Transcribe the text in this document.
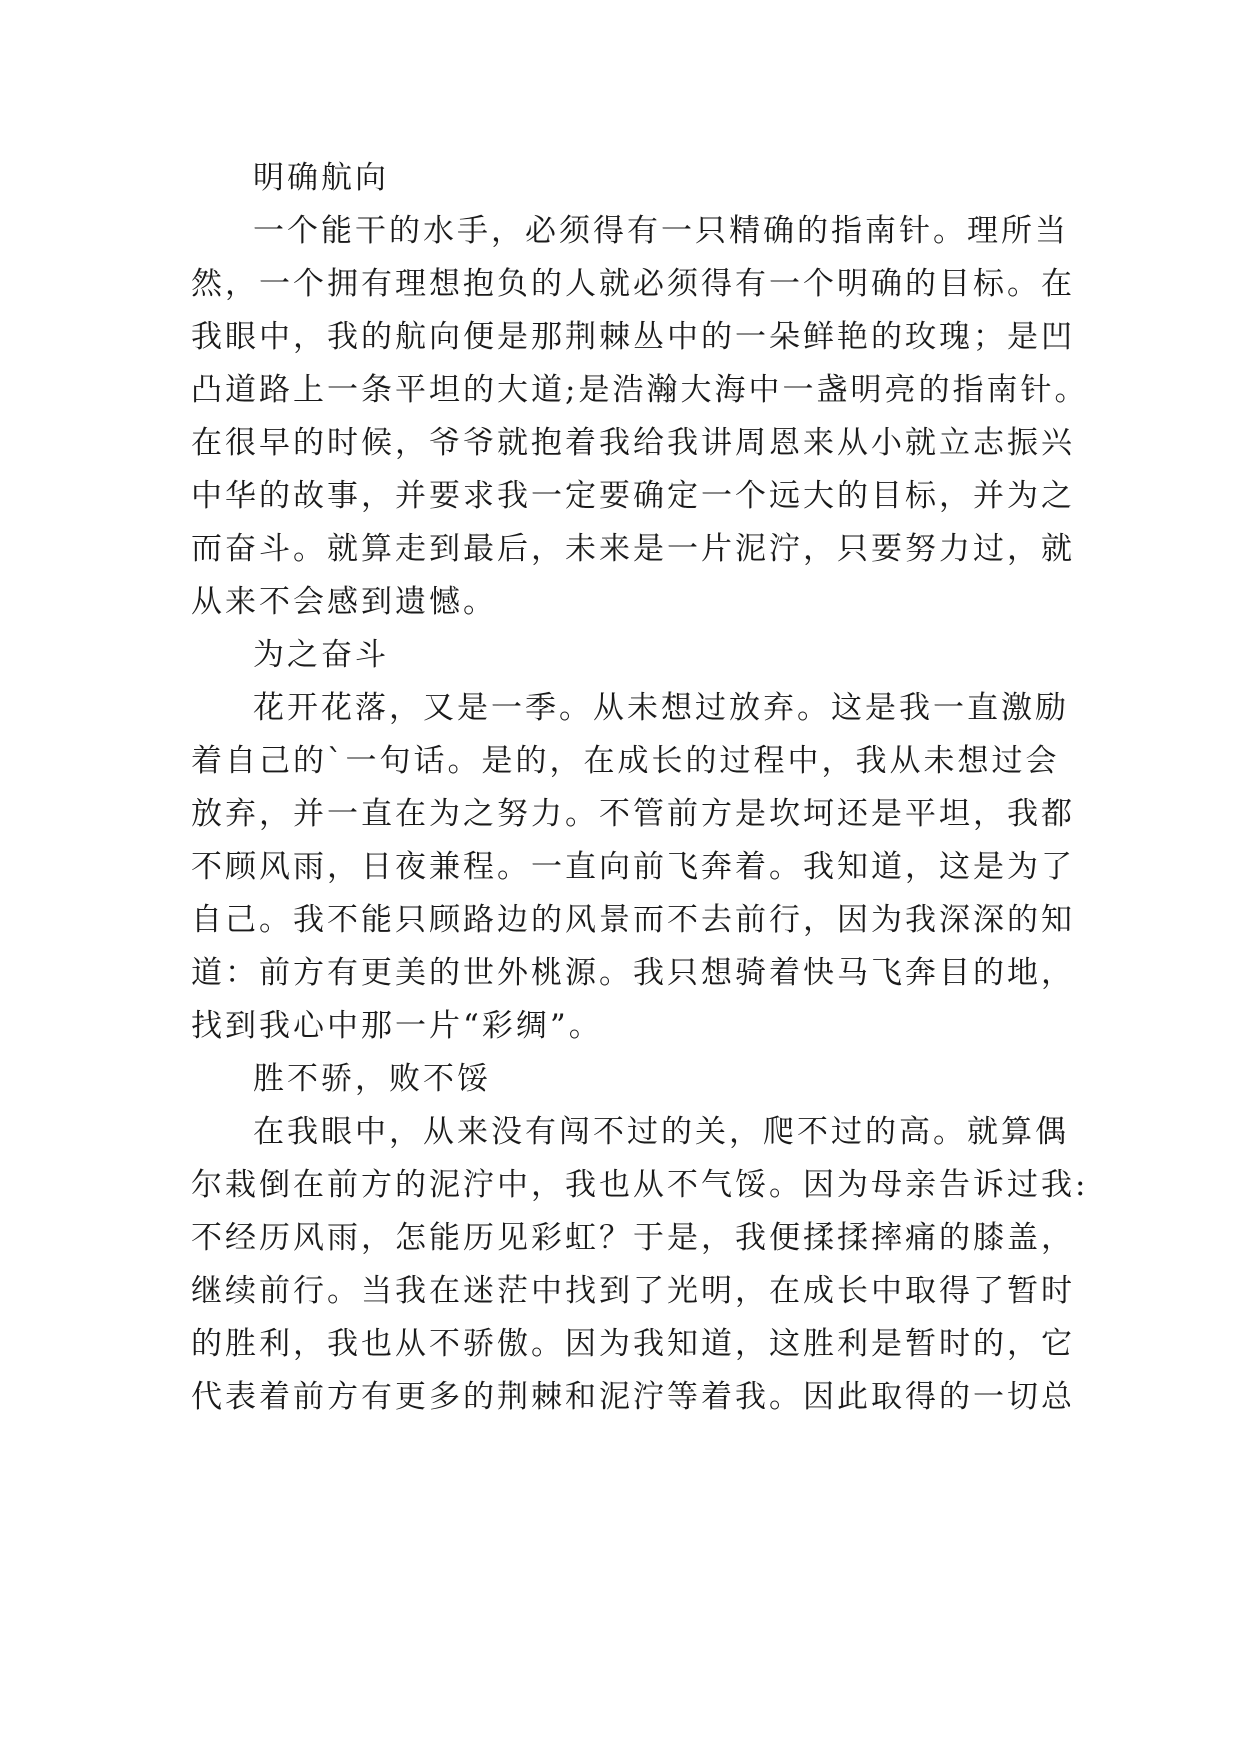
明确航向
一个能干的水手，必须得有一只精确的指南针。理所当
然，一个拥有理想抱负的人就必须得有一个明确的目标。在
我眼中，我的航向便是那荆棘丛中的一朵鲜艳的玫瑰；是凹
凸道路上一条平坦的大道;是浩瀚大海中一盏明亮的指南针。
在很早的时候，爷爷就抱着我给我讲周恩来从小就立志振兴
中华的故事，并要求我一定要确定一个远大的目标，并为之
而奋斗。就算走到最后，未来是一片泥泞，只要努力过，就
从来不会感到遗憾。
为之奋斗
花开花落，又是一季。从未想过放弃。这是我一直激励
着自己的`一句话。是的，在成长的过程中，我从未想过会
放弃，并一直在为之努力。不管前方是坎坷还是平坦，我都
不顾风雨，日夜兼程。一直向前飞奔着。我知道，这是为了
自己。我不能只顾路边的风景而不去前行，因为我深深的知
道：前方有更美的世外桃源。我只想骑着快马飞奔目的地，
找到我心中那一片“彩绸”。
胜不骄，败不馁
在我眼中，从来没有闯不过的关，爬不过的高。就算偶
尔栽倒在前方的泥泞中，我也从不气馁。因为母亲告诉过我:
不经历风雨，怎能历见彩虹？于是，我便揉揉摔痛的膝盖，
继续前行。当我在迷茫中找到了光明，在成长中取得了暂时
的胜利，我也从不骄傲。因为我知道，这胜利是暂时的，它
代表着前方有更多的荆棘和泥泞等着我。因此取得的一切总
